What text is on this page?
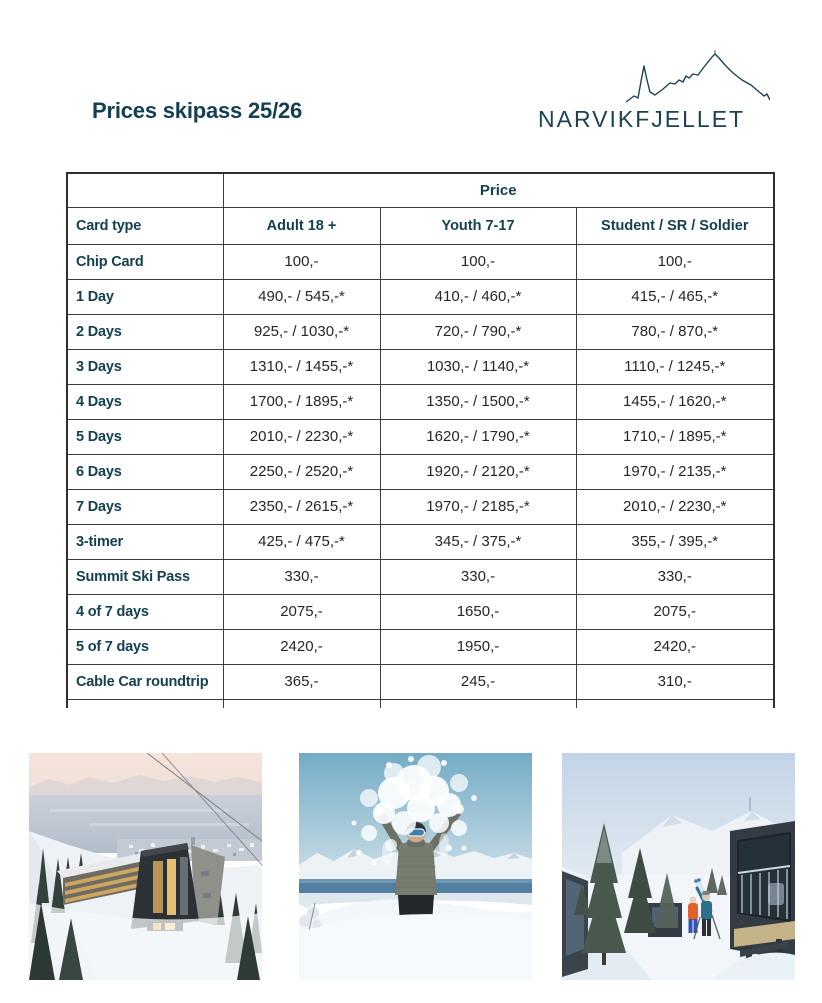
Prices skipass 25/26	NARVIKFJELLET
	Price		
Card type	Adult 18 +	Youth 7-17	Student / SR / Soldier
Chip Card	100,-	100,-	100,-
1 Day	490,- / 545,-*	410,- / 460,-*	415,- / 465,-*
2 Days	925,- / 1030,-*	720,- / 790,-*	780,- / 870,-*
3 Days	1310,- / 1455,-*	1030,- / 1140,-*	1110,- / 1245,-*
4 Days	1700,- / 1895,-*	1350,- / 1500,-*	1455,- / 1620,-*
5 Days	2010,- / 2230,-*	1620,- / 1790,-*	1710,- / 1895,-*
6 Days	2250,- / 2520,-*	1920,- / 2120,-*	1970,- / 2135,-*
7 Days	2350,- / 2615,-*	1970,- / 2185,-*	2010,- / 2230,-*
3-timer	425,- / 475,-*	345,- / 375,-*	355,- / 395,-*
Summit Ski Pass	330,-	330,-	330,-
4 of 7 days	2075,-	1650,-	2075,-
5 of 7 days	2420,-	1950,-	2420,-
Cable Car roundtrip	365,-	245,-	310,-
